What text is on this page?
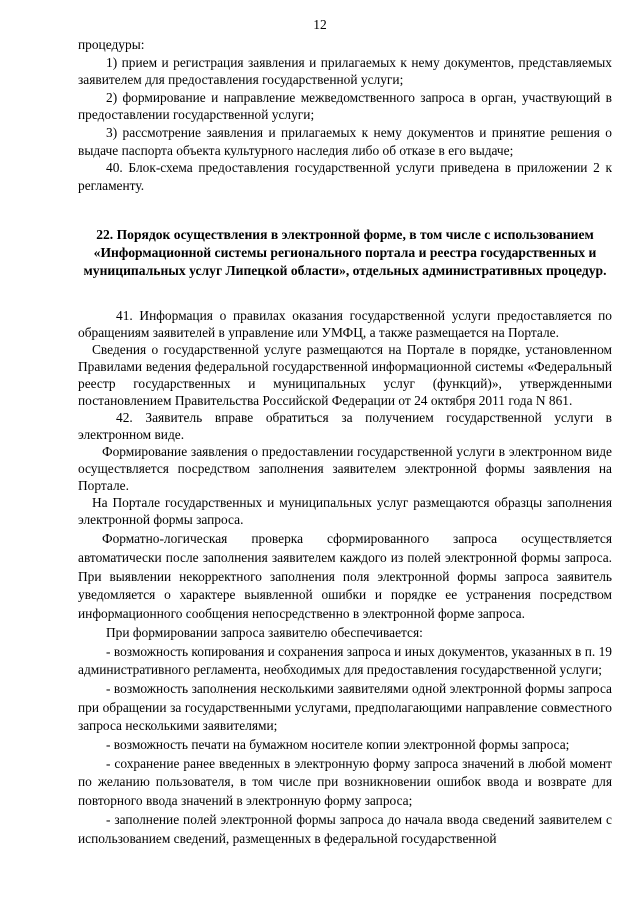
12

процедуры:

1) прием и регистрация заявления и прилагаемых к нему документов, представляемых заявителем для предоставления государственной услуги;

2) формирование и направление межведомственного запроса в орган, участвующий в предоставлении государственной услуги;

3) рассмотрение заявления и прилагаемых к нему документов и принятие решения о выдаче паспорта объекта культурного наследия либо об отказе в его выдаче;

40. Блок-схема предоставления государственной услуги приведена в приложении 2 к регламенту.

22. Порядок осуществления в электронной форме, в том числе с использованием «Информационной системы регионального портала и реестра государственных и муниципальных услуг Липецкой области», отдельных административных процедур.

41. Информация о правилах оказания государственной услуги предоставляется по обращениям заявителей в управление или УМФЦ, а также размещается на Портале.

Сведения о государственной услуге размещаются на Портале в порядке, установленном Правилами ведения федеральной государственной информационной системы «Федеральный реестр государственных и муниципальных услуг (функций)», утвержденными постановлением Правительства Российской Федерации от 24 октября 2011 года N 861.

42. Заявитель вправе обратиться за получением государственной услуги в электронном виде.

Формирование заявления о предоставлении государственной услуги в электронном виде осуществляется посредством заполнения заявителем электронной формы заявления на Портале.

На Портале государственных и муниципальных услуг размещаются образцы заполнения электронной формы запроса.

Форматно-логическая проверка сформированного запроса осуществляется автоматически после заполнения заявителем каждого из полей электронной формы запроса. При выявлении некорректного заполнения поля электронной формы запроса заявитель уведомляется о характере выявленной ошибки и порядке ее устранения посредством информационного сообщения непосредственно в электронной форме запроса.

При формировании запроса заявителю обеспечивается:

- возможность копирования и сохранения запроса и иных документов, указанных в п. 19 административного регламента, необходимых для предоставления государственной услуги;

- возможность заполнения несколькими заявителями одной электронной формы запроса при обращении за государственными услугами, предполагающими направление совместного запроса несколькими заявителями;

- возможность печати на бумажном носителе копии электронной формы запроса;

- сохранение ранее введенных в электронную форму запроса значений в любой момент по желанию пользователя, в том числе при возникновении ошибок ввода и возврате для повторного ввода значений в электронную форму запроса;

- заполнение полей электронной формы запроса до начала ввода сведений заявителем с использованием сведений, размещенных в федеральной государственной
